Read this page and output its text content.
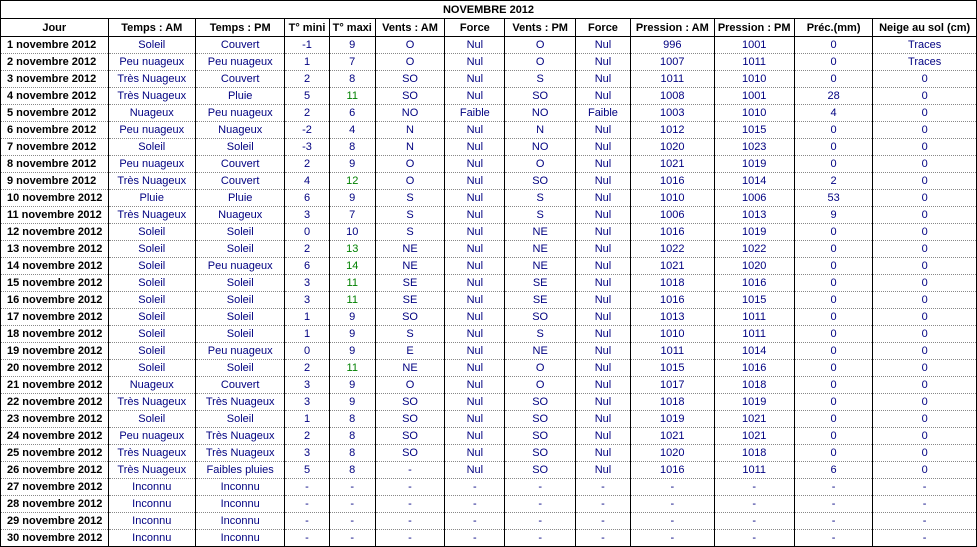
NOVEMBRE 2012												
Jour	Temps : AM	Temps : PM	T° mini	T° maxi	Vents : AM	Force	Vents : PM	Force	Pression : AM	Pression : PM	Préc.(mm)	Neige au sol (cm)
1 novembre 2012	Soleil	Couvert	-1	9	O	Nul	O	Nul	996	1001	0	Traces
2 novembre 2012	Peu nuageux	Peu nuageux	1	7	O	Nul	O	Nul	1007	1011	0	Traces
3 novembre 2012	Très Nuageux	Couvert	2	8	SO	Nul	S	Nul	1011	1010	0	0
4 novembre 2012	Très Nuageux	Pluie	5	11	SO	Nul	SO	Nul	1008	1001	28	0
5 novembre 2012	Nuageux	Peu nuageux	2	6	NO	Faible	NO	Faible	1003	1010	4	0
6 novembre 2012	Peu nuageux	Nuageux	-2	4	N	Nul	N	Nul	1012	1015	0	0
7 novembre 2012	Soleil	Soleil	-3	8	N	Nul	NO	Nul	1020	1023	0	0
8 novembre 2012	Peu nuageux	Couvert	2	9	O	Nul	O	Nul	1021	1019	0	0
9 novembre 2012	Très Nuageux	Couvert	4	12	O	Nul	SO	Nul	1016	1014	2	0
10 novembre 2012	Pluie	Pluie	6	9	S	Nul	S	Nul	1010	1006	53	0
11 novembre 2012	Très Nuageux	Nuageux	3	7	S	Nul	S	Nul	1006	1013	9	0
12 novembre 2012	Soleil	Soleil	0	10	S	Nul	NE	Nul	1016	1019	0	0
13 novembre 2012	Soleil	Soleil	2	13	NE	Nul	NE	Nul	1022	1022	0	0
14 novembre 2012	Soleil	Peu nuageux	6	14	NE	Nul	NE	Nul	1021	1020	0	0
15 novembre 2012	Soleil	Soleil	3	11	SE	Nul	SE	Nul	1018	1016	0	0
16 novembre 2012	Soleil	Soleil	3	11	SE	Nul	SE	Nul	1016	1015	0	0
17 novembre 2012	Soleil	Soleil	1	9	SO	Nul	SO	Nul	1013	1011	0	0
18 novembre 2012	Soleil	Soleil	1	9	S	Nul	S	Nul	1010	1011	0	0
19 novembre 2012	Soleil	Peu nuageux	0	9	E	Nul	NE	Nul	1011	1014	0	0
20 novembre 2012	Soleil	Soleil	2	11	NE	Nul	O	Nul	1015	1016	0	0
21 novembre 2012	Nuageux	Couvert	3	9	O	Nul	O	Nul	1017	1018	0	0
22 novembre 2012	Très Nuageux	Très Nuageux	3	9	SO	Nul	SO	Nul	1018	1019	0	0
23 novembre 2012	Soleil	Soleil	1	8	SO	Nul	SO	Nul	1019	1021	0	0
24 novembre 2012	Peu nuageux	Très Nuageux	2	8	SO	Nul	SO	Nul	1021	1021	0	0
25 novembre 2012	Très Nuageux	Très Nuageux	3	8	SO	Nul	SO	Nul	1020	1018	0	0
26 novembre 2012	Très Nuageux	Faibles pluies	5	8	-	Nul	SO	Nul	1016	1011	6	0
27 novembre 2012	Inconnu	Inconnu	-	-	-	-	-	-	-	-	-	-
28 novembre 2012	Inconnu	Inconnu	-	-	-	-	-	-	-	-	-	-
29 novembre 2012	Inconnu	Inconnu	-	-	-	-	-	-	-	-	-	-
30 novembre 2012	Inconnu	Inconnu	-	-	-	-	-	-	-	-	-	-
